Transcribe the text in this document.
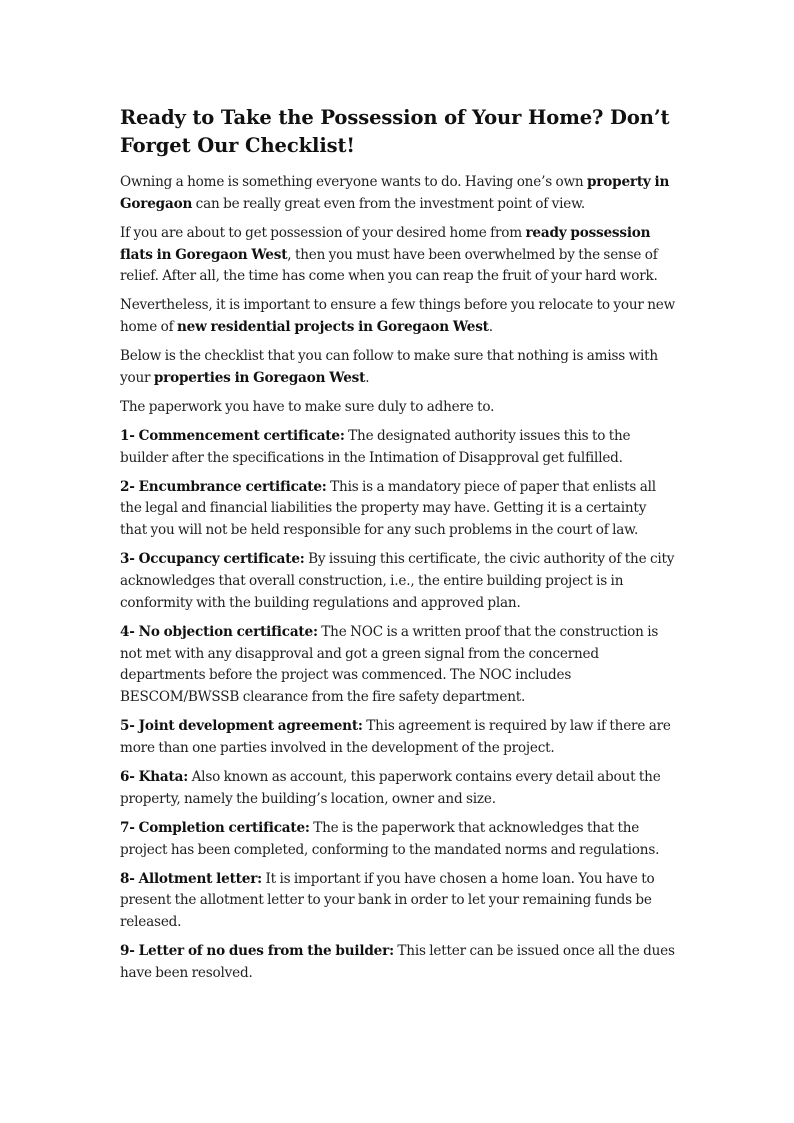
Ready to Take the Possession of Your Home? Don’t Forget Our Checklist!

Owning a home is something everyone wants to do. Having one’s own property in Goregaon can be really great even from the investment point of view.

If you are about to get possession of your desired home from ready possession flats in Goregaon West, then you must have been overwhelmed by the sense of relief. After all, the time has come when you can reap the fruit of your hard work.

Nevertheless, it is important to ensure a few things before you relocate to your new home of new residential projects in Goregaon West.

Below is the checklist that you can follow to make sure that nothing is amiss with your properties in Goregaon West.

The paperwork you have to make sure duly to adhere to.

1- Commencement certificate: The designated authority issues this to the builder after the specifications in the Intimation of Disapproval get fulfilled.

2- Encumbrance certificate: This is a mandatory piece of paper that enlists all the legal and financial liabilities the property may have. Getting it is a certainty that you will not be held responsible for any such problems in the court of law.

3- Occupancy certificate: By issuing this certificate, the civic authority of the city acknowledges that overall construction, i.e., the entire building project is in conformity with the building regulations and approved plan.

4- No objection certificate: The NOC is a written proof that the construction is not met with any disapproval and got a green signal from the concerned departments before the project was commenced. The NOC includes BESCOM/BWSSB clearance from the fire safety department.

5- Joint development agreement: This agreement is required by law if there are more than one parties involved in the development of the project.

6- Khata: Also known as account, this paperwork contains every detail about the property, namely the building’s location, owner and size.

7- Completion certificate: The is the paperwork that acknowledges that the project has been completed, conforming to the mandated norms and regulations.

8- Allotment letter: It is important if you have chosen a home loan. You have to present the allotment letter to your bank in order to let your remaining funds be released.

9- Letter of no dues from the builder: This letter can be issued once all the dues have been resolved.
